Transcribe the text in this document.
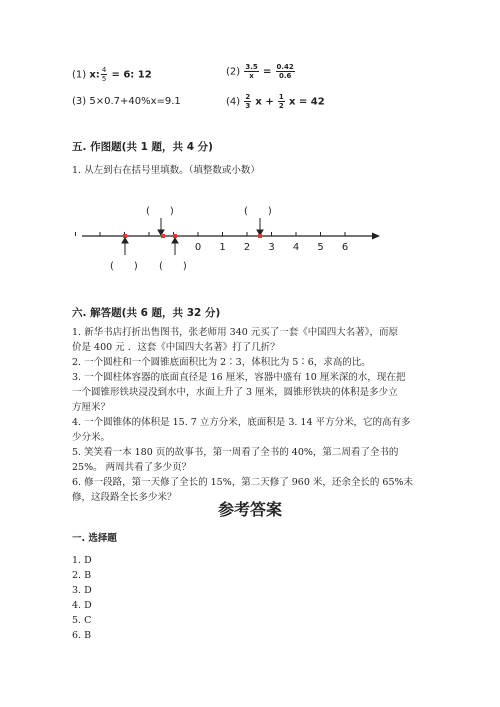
(1) x: $\frac{4}{5} = 6$: 12	$(2) \frac{3.5}{x} = \frac{0.42}{0.6}$
(3) 5×0.7+40%x=9.1	$(4) \frac{2}{3}$ $x + \frac{1}{2}$ x = 42
五. 作图题(共 1 题，共 4 分)
1. 从左到右在括号里填数。（填整数或小数）
(　　)	(　　)
0 1 2 3 4 5 6
(　　) (　　)
六. 解答题(共 6 题，共 32 分)
1. 新华书店打折出售图书，张老师用 340 元买了一套《中国四大名著》，而原
价是 400 元 ．这套《中国四大名著》打了几折？
2. 一个圆柱和一个圆锥底面积比为 2∶3，体积比为 5∶6，求高的比。
3. 一个圆柱体容器的底面直径是 16 厘米，容器中盛有 10 厘米深的水，现在把
一个圆锥形铁块浸没到水中，水面上升了 3 厘米，圆锥形铁块的体积是多少立
方厘米？
4. 一个圆锥体的体积是 15. 7 立方分米，底面积是 3. 14 平方分米，它的高有多
少分米。
5. 笑笑看一本 180 页的故事书，第一周看了全书的 40%，第二周看了全书的
25%。 两周共看了多少页？
6. 修一段路，第一天修了全长的 15%，第二天修了 960 米，还余全长的 65%未
修，这段路全长多少米？
参考答案
一. 选择题
1. D
2. B
3. D
4. D
5. C
6. B
